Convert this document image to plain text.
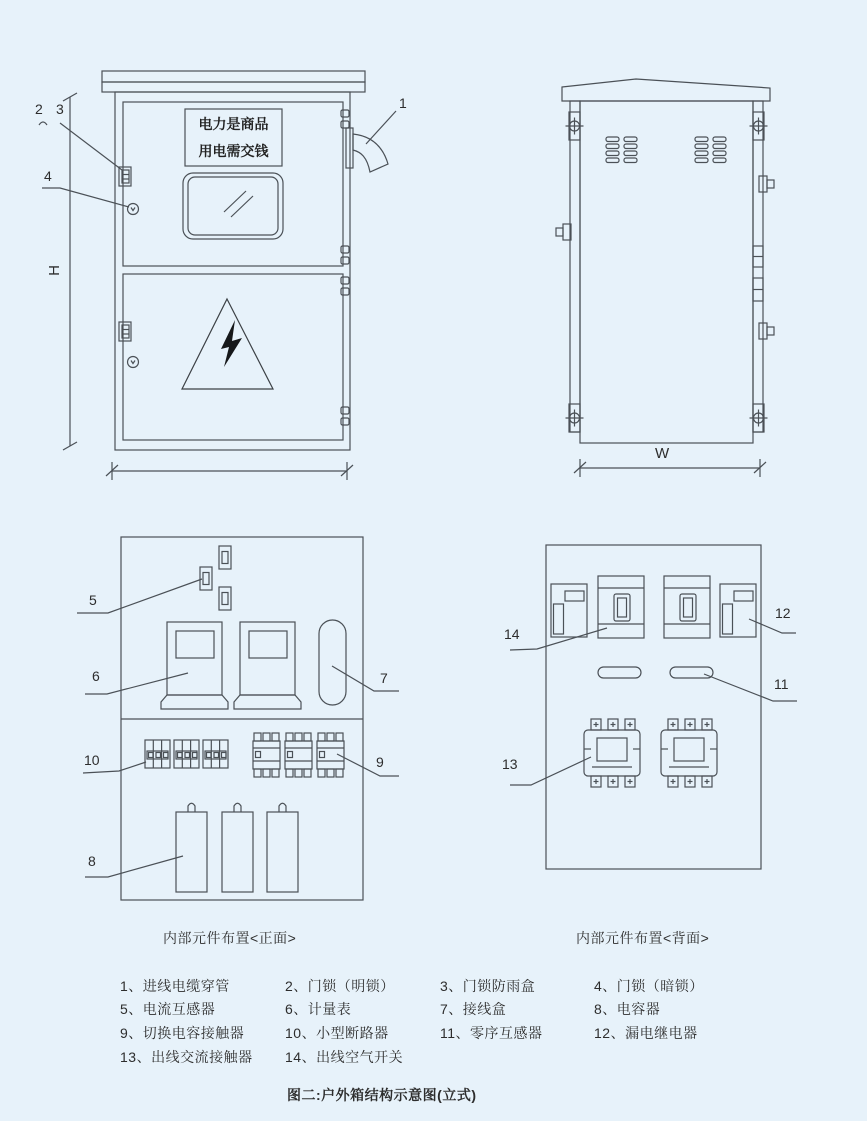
电力是商品
用电需交钱
H
W
1
2 3
4
5
6	7
8
9
10
11
12
13
14
内部元件布置<正面>	内部元件布置<背面>
1、进线电缆穿管	2、门锁（明锁）	3、门锁防雨盒	4、门锁（暗锁）
5、电流互感器	6、计量表	7、接线盒	8、电容器
9、切换电容接触器	10、小型断路器	11、零序互感器	12、漏电继电器
13、出线交流接触器 14、出线空气开关
图二:户外箱结构示意图(立式)
